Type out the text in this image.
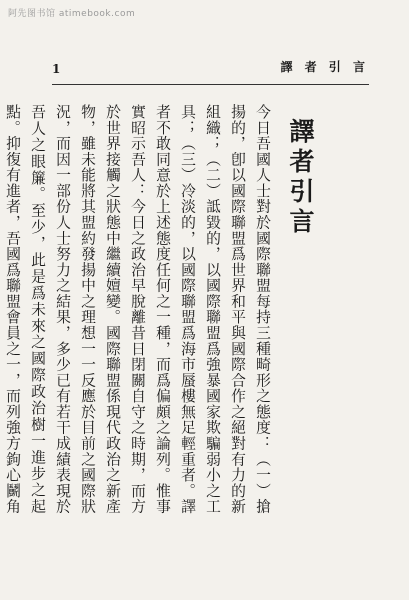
阿先图书馆 atimebook.com
1	譯 者 引 言
譯者引言

今日吾國人士對於國際聯盟每持三種畸形之態度：（一）搶揚的，卽以國際聯盟爲世界和平與國際合作之絕對有力的新組織；（二）詆毀的，以國際聯盟爲強暴國家欺騙弱小之工具；（三）冷淡的，以國際聯盟爲海市蜃樓無足輕重者。譯者不敢同意於上述態度任何之一種，而爲偏頗之論列。惟事實昭示吾人：今日之政治早脫離昔日閉關自守之時期，而方於世界接觸之狀態中繼續嬗變。國際聯盟係現代政治之新產物，雖未能將其盟約發揚中之理想一一反應於目前之國際狀況，而因一部份人士努力之結果，多少已有若干成績表現於吾人之眼簾。至少，此是爲未來之國際政治樹一進步之起點。抑復有進者，吾國爲聯盟會員之一，而列強方鉤心鬭角
